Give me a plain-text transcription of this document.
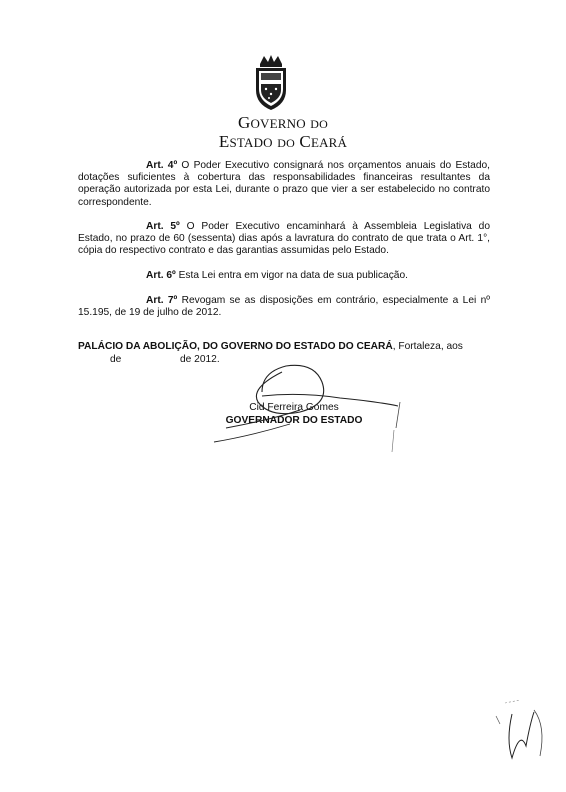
GOVERNO DO
ESTADO DO CEARÁ
Art. 4º O Poder Executivo consignará nos orçamentos anuais do Estado, dotações suficientes à cobertura das responsabilidades financeiras resultantes da operação autorizada por esta Lei, durante o prazo que vier a ser estabelecido no contrato correspondente.
Art. 5º O Poder Executivo encaminhará à Assembleia Legislativa do Estado, no prazo de 60 (sessenta) dias após a lavratura do contrato de que trata o Art. 1°, cópia do respectivo contrato e das garantias assumidas pelo Estado.
Art. 6º Esta Lei entra em vigor na data de sua publicação.
Art. 7º Revogam se as disposições em contrário, especialmente a Lei nº 15.195, de 19 de julho de 2012.
PALÁCIO DA ABOLIÇÃO, DO GOVERNO DO ESTADO DO CEARÁ, Fortaleza, aos
de	de 2012.
Cid Ferreira Gomes
GOVERNADOR DO ESTADO
